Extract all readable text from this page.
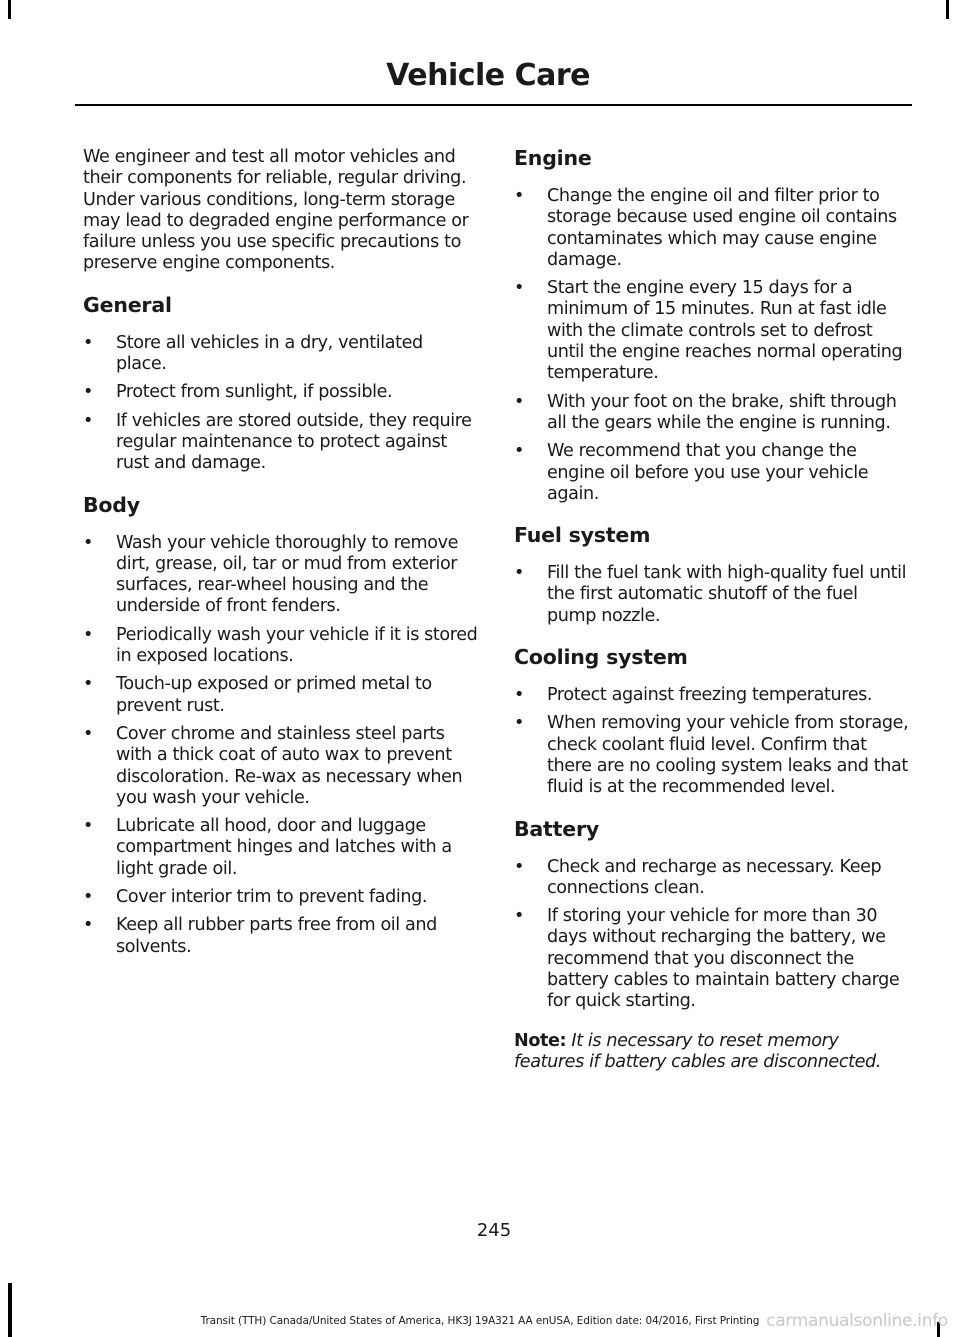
Vehicle Care

We engineer and test all motor vehicles and their components for reliable, regular driving. Under various conditions, long-term storage may lead to degraded engine performance or failure unless you use specific precautions to preserve engine components.

General
• Store all vehicles in a dry, ventilated place.
• Protect from sunlight, if possible.
• If vehicles are stored outside, they require regular maintenance to protect against rust and damage.
Body
• Wash your vehicle thoroughly to remove dirt, grease, oil, tar or mud from exterior surfaces, rear-wheel housing and the underside of front fenders.
• Periodically wash your vehicle if it is stored in exposed locations.
• Touch-up exposed or primed metal to prevent rust.
• Cover chrome and stainless steel parts with a thick coat of auto wax to prevent discoloration. Re-wax as necessary when you wash your vehicle.
• Lubricate all hood, door and luggage compartment hinges and latches with a light grade oil.
• Cover interior trim to prevent fading.
• Keep all rubber parts free from oil and solvents.
Engine
• Change the engine oil and filter prior to storage because used engine oil contains contaminates which may cause engine damage.
• Start the engine every 15 days for a minimum of 15 minutes. Run at fast idle with the climate controls set to defrost until the engine reaches normal operating temperature.
• With your foot on the brake, shift through all the gears while the engine is running.
• We recommend that you change the engine oil before you use your vehicle again.
Fuel system
• Fill the fuel tank with high-quality fuel until the first automatic shutoff of the fuel pump nozzle.
Cooling system
• Protect against freezing temperatures.
• When removing your vehicle from storage, check coolant fluid level. Confirm that there are no cooling system leaks and that fluid is at the recommended level.
Battery
• Check and recharge as necessary. Keep connections clean.
• If storing your vehicle for more than 30 days without recharging the battery, we recommend that you disconnect the battery cables to maintain battery charge for quick starting.

Note: It is necessary to reset memory features if battery cables are disconnected.

245
Transit (TTH) Canada/United States of America, HK3J 19A321 AA enUSA, Edition date: 04/2016, First Printing carmanualsonline.info
